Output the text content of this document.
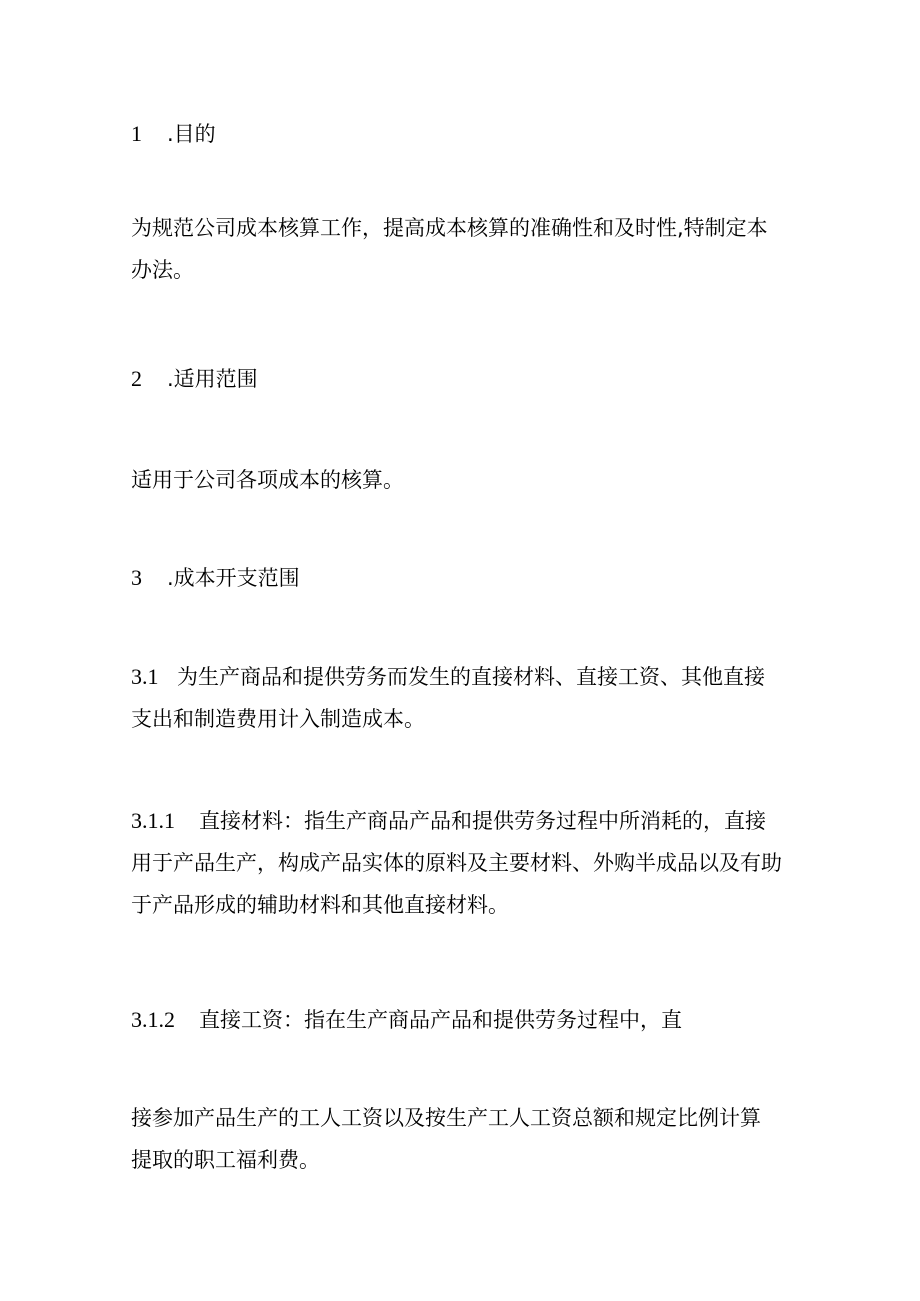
1 .目的
为规范公司成本核算工作，提高成本核算的准确性和及时性,特制定本
办法。
2 .适用范围
适用于公司各项成本的核算。
3 .成本开支范围
3.1 为生产商品和提供劳务而发生的直接材料、直接工资、其他直接
支出和制造费用计入制造成本。
3.1.1 直接材料：指生产商品产品和提供劳务过程中所消耗的，直接
用于产品生产，构成产品实体的原料及主要材料、外购半成品以及有助
于产品形成的辅助材料和其他直接材料。
3.1.2 直接工资：指在生产商品产品和提供劳务过程中，直
接参加产品生产的工人工资以及按生产工人工资总额和规定比例计算
提取的职工福利费。
